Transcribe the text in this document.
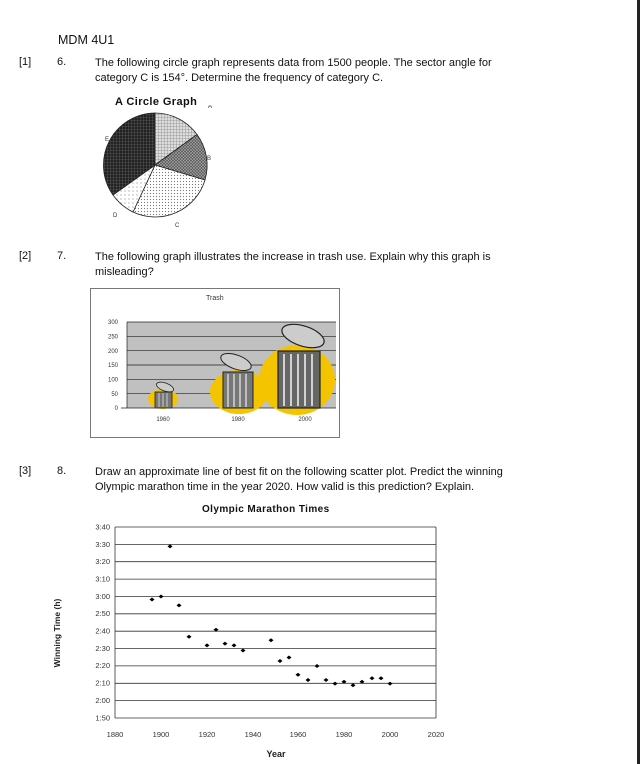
MDM 4U1
[1] 6.	The following circle graph represents data from 1500 people. The sector angle for
category C is 154°. Determine the frequency of category C.
A Circle Graph
B
A
E
D
C
[2] 7.	The following graph illustrates the increase in trash use. Explain why this graph is
misleading?
Trash
300
250
200
150
100
50
0
1960	1980	2000
[3] 8.	Draw an approximate line of best fit on the following scatter plot. Predict the winning
Olympic marathon time in the year 2020. How valid is this prediction? Explain.
Olympic Marathon Times
3:40
3:30
3:20
3:10
3:00
2:50
2:40
2:30
2:20
2:10
2:00
1:50
1880	1900	1920	1940	1960	1980	2000	2020
Year
Winning Time (h)
